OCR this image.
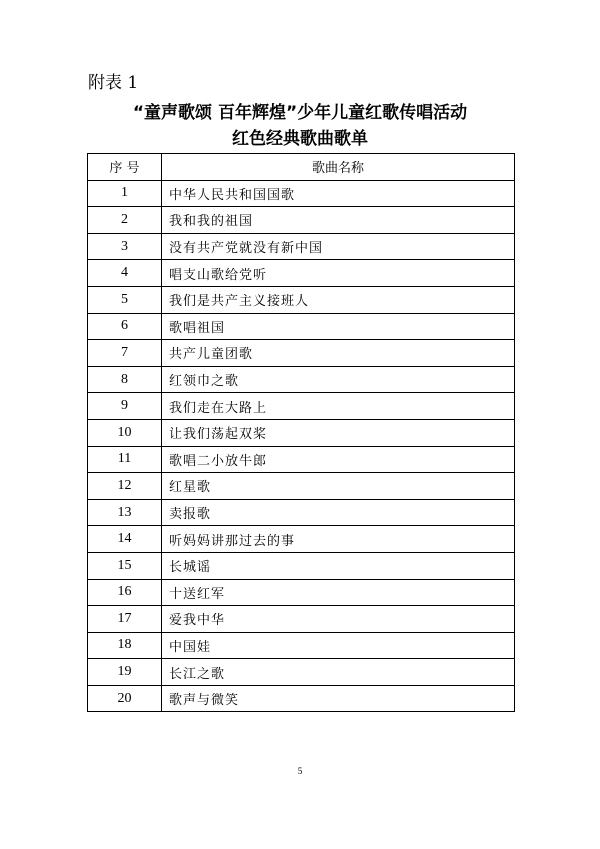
附表 1
“童声歌颂 百年辉煌”少年儿童红歌传唱活动
红色经典歌曲歌单
序 号	歌曲名称
1	中华人民共和国国歌
2	我和我的祖国
3	没有共产党就没有新中国
4	唱支山歌给党听
5	我们是共产主义接班人
6	歌唱祖国
7	共产儿童团歌
8	红领巾之歌
9	我们走在大路上
10	让我们荡起双桨
11	歌唱二小放牛郎
12	红星歌
13	卖报歌
14	听妈妈讲那过去的事
15	长城谣
16	十送红军
17	爱我中华
18	中国娃
19	长江之歌
20	歌声与微笑
5
